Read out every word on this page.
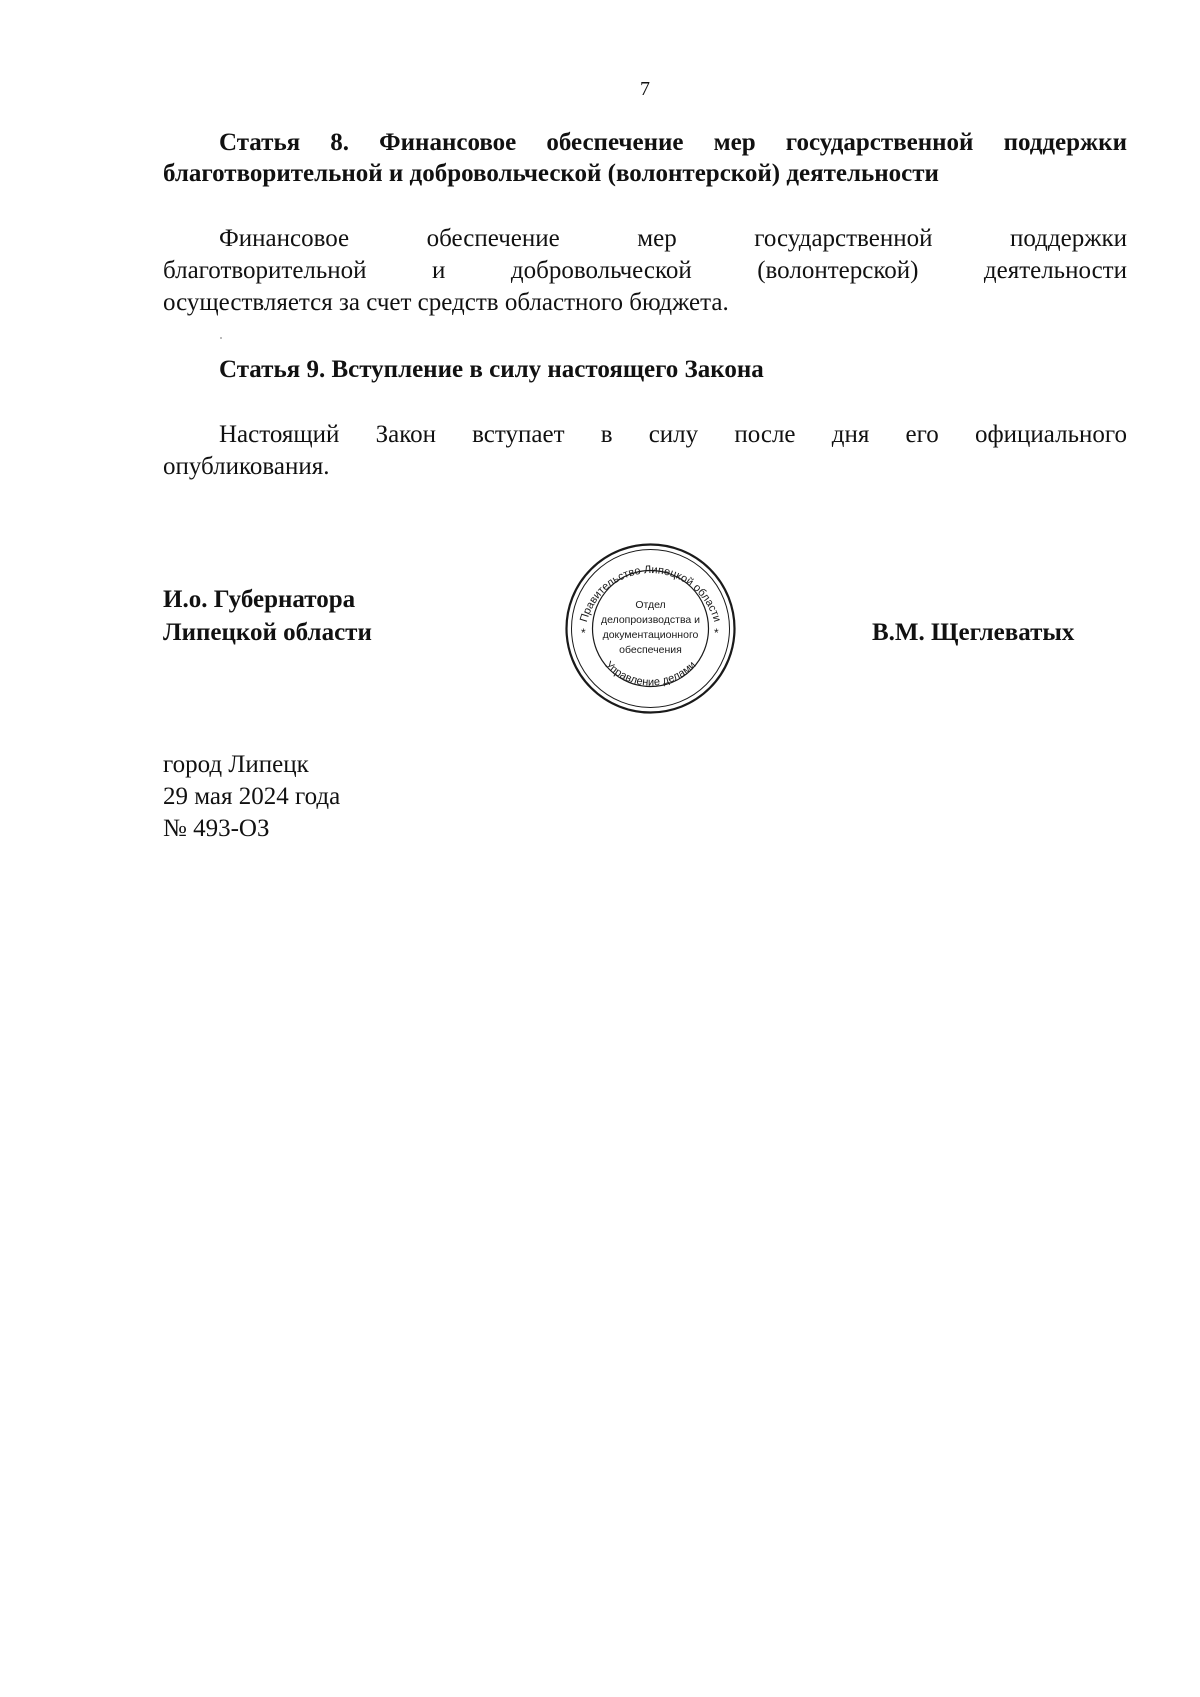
7
Статья 8. Финансовое обеспечение мер государственной поддержки
благотворительной и добровольческой (волонтерской) деятельности
Финансовое обеспечение мер государственной поддержки
благотворительной и добровольческой (волонтерской) деятельности
осуществляется за счет средств областного бюджета.
Статья 9. Вступление в силу настоящего Закона
Настоящий Закон вступает в силу после дня его официального
опубликования.
И.о. Губернатора
Липецкой области	В.М. Щеглеватых
Правительство Липецкой области
Управление делами
*	*
Отдел
делопроизводства и
документационного
обеспечения
город Липецк
29 мая 2024 года
№ 493-ОЗ
